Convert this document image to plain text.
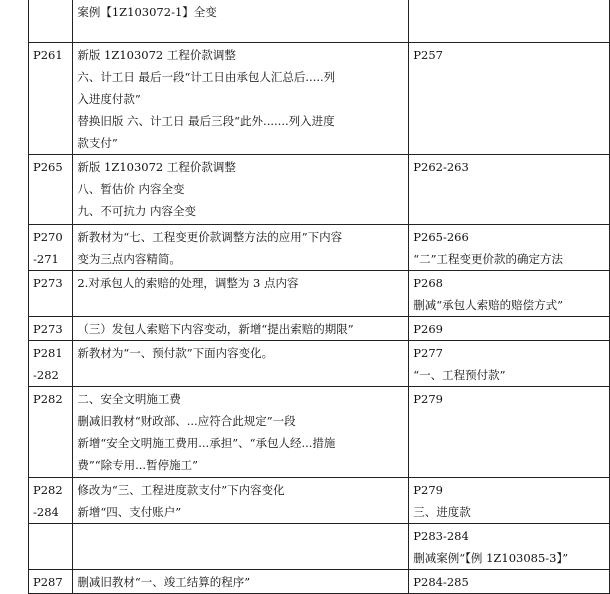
	案例【1Z103072-1】全变	

P261	新版 1Z103072 工程价款调整
六、计工日 最后一段“计工日由承包人汇总后.....列
入进度付款”
替换旧版 六、计工日 最后三段“此外.......列入进度
款支付”	P257

P265	新版 1Z103072 工程价款调整
八、暂估价 内容全变
九、不可抗力 内容全变	P262-263

P270
-271	新教材为“七、工程变更价款调整方法的应用”下内容
变为三点内容精简。	P265-266
“二”工程变更价款的确定方法

P273	2.对承包人的索赔的处理，调整为 3 点内容	P268
删减“承包人索赔的赔偿方式”

P273	（三）发包人索赔下内容变动，新增“提出索赔的期限”	P269

P281
-282	新教材为“一、预付款”下面内容变化。	P277
“一、工程预付款”

P282	二、安全文明施工费
删减旧教材“财政部、...应符合此规定”一段
新增“安全文明施工费用...承担”、“承包人经...措施
费”“除专用...暂停施工”	P279

P282
-284	修改为“三、工程进度款支付”下内容变化
新增“四、支付账户”	P279
三、进度款

		P283-284
删减案例“【例 1Z103085-3】”

P287	删减旧教材“一、竣工结算的程序”	P284-285
